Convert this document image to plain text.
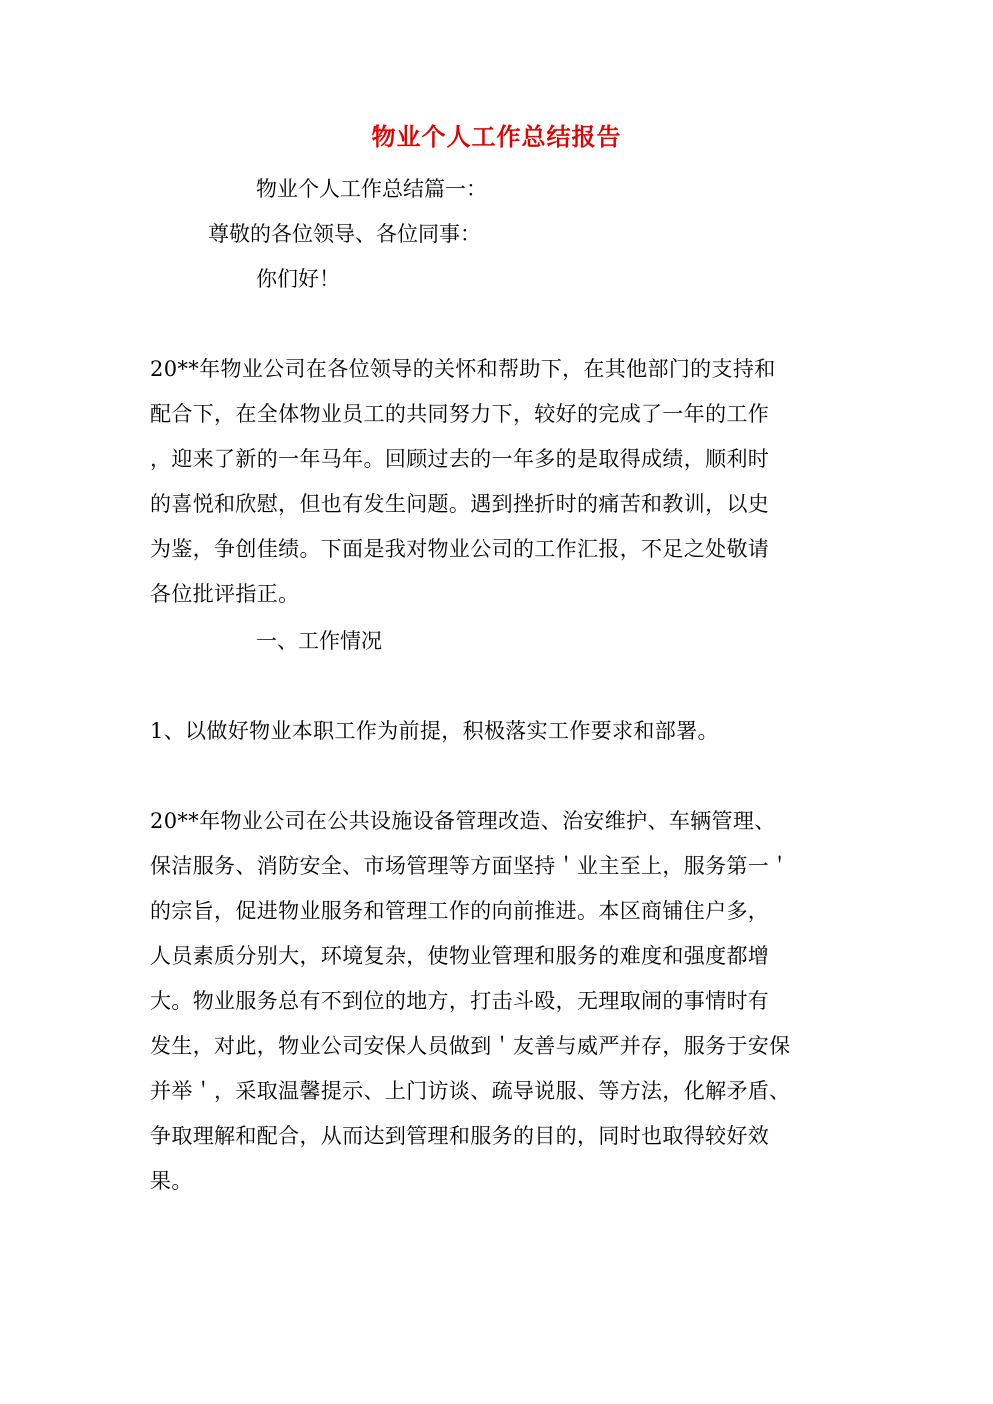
物业个人工作总结报告
物业个人工作总结篇一：
尊敬的各位领导、各位同事：
你们好！
20**年物业公司在各位领导的关怀和帮助下，在其他部门的支持和
配合下，在全体物业员工的共同努力下，较好的完成了一年的工作
，迎来了新的一年马年。回顾过去的一年多的是取得成绩，顺利时
的喜悦和欣慰，但也有发生问题。遇到挫折时的痛苦和教训，以史
为鉴，争创佳绩。下面是我对物业公司的工作汇报，不足之处敬请
各位批评指正。
一、工作情况
1、以做好物业本职工作为前提，积极落实工作要求和部署。
20**年物业公司在公共设施设备管理改造、治安维护、车辆管理、
保洁服务、消防安全、市场管理等方面坚持＇业主至上，服务第一＇
的宗旨，促进物业服务和管理工作的向前推进。本区商铺住户多，
人员素质分别大，环境复杂，使物业管理和服务的难度和强度都增
大。物业服务总有不到位的地方，打击斗殴，无理取闹的事情时有
发生，对此，物业公司安保人员做到＇友善与威严并存，服务于安保
并举＇，采取温馨提示、上门访谈、疏导说服、等方法，化解矛盾、
争取理解和配合，从而达到管理和服务的目的，同时也取得较好效
果。
